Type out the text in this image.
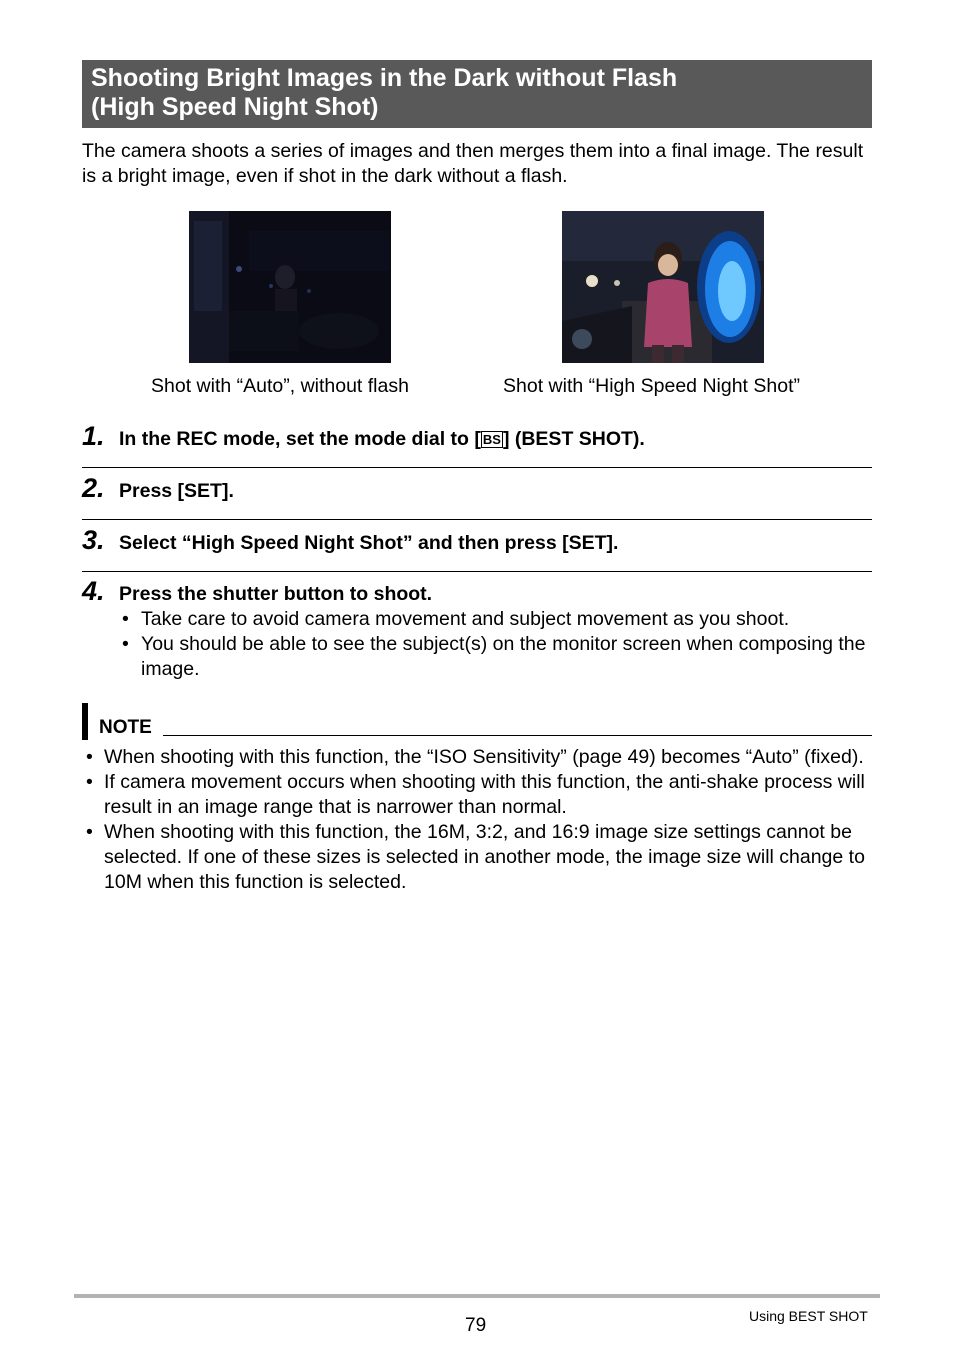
Shooting Bright Images in the Dark without Flash
(High Speed Night Shot)

The camera shoots a series of images and then merges them into a final image. The result is a bright image, even if shot in the dark without a flash.

Shot with “Auto”, without flash	Shot with “High Speed Night Shot”
1. In the REC mode, set the mode dial to [ BS ] (BEST SHOT).
2. Press [SET].
3. Select “High Speed Night Shot” and then press [SET].
4. Press the shutter button to shoot.
• Take care to avoid camera movement and subject movement as you shoot.
• You should be able to see the subject(s) on the monitor screen when composing the image.
NOTE
• When shooting with this function, the “ISO Sensitivity” (page 49) becomes “Auto” (fixed).
• If camera movement occurs when shooting with this function, the anti-shake process will result in an image range that is narrower than normal.
• When shooting with this function, the 16M, 3:2, and 16:9 image size settings cannot be selected. If one of these sizes is selected in another mode, the image size will change to 10M when this function is selected.
79	Using BEST SHOT
